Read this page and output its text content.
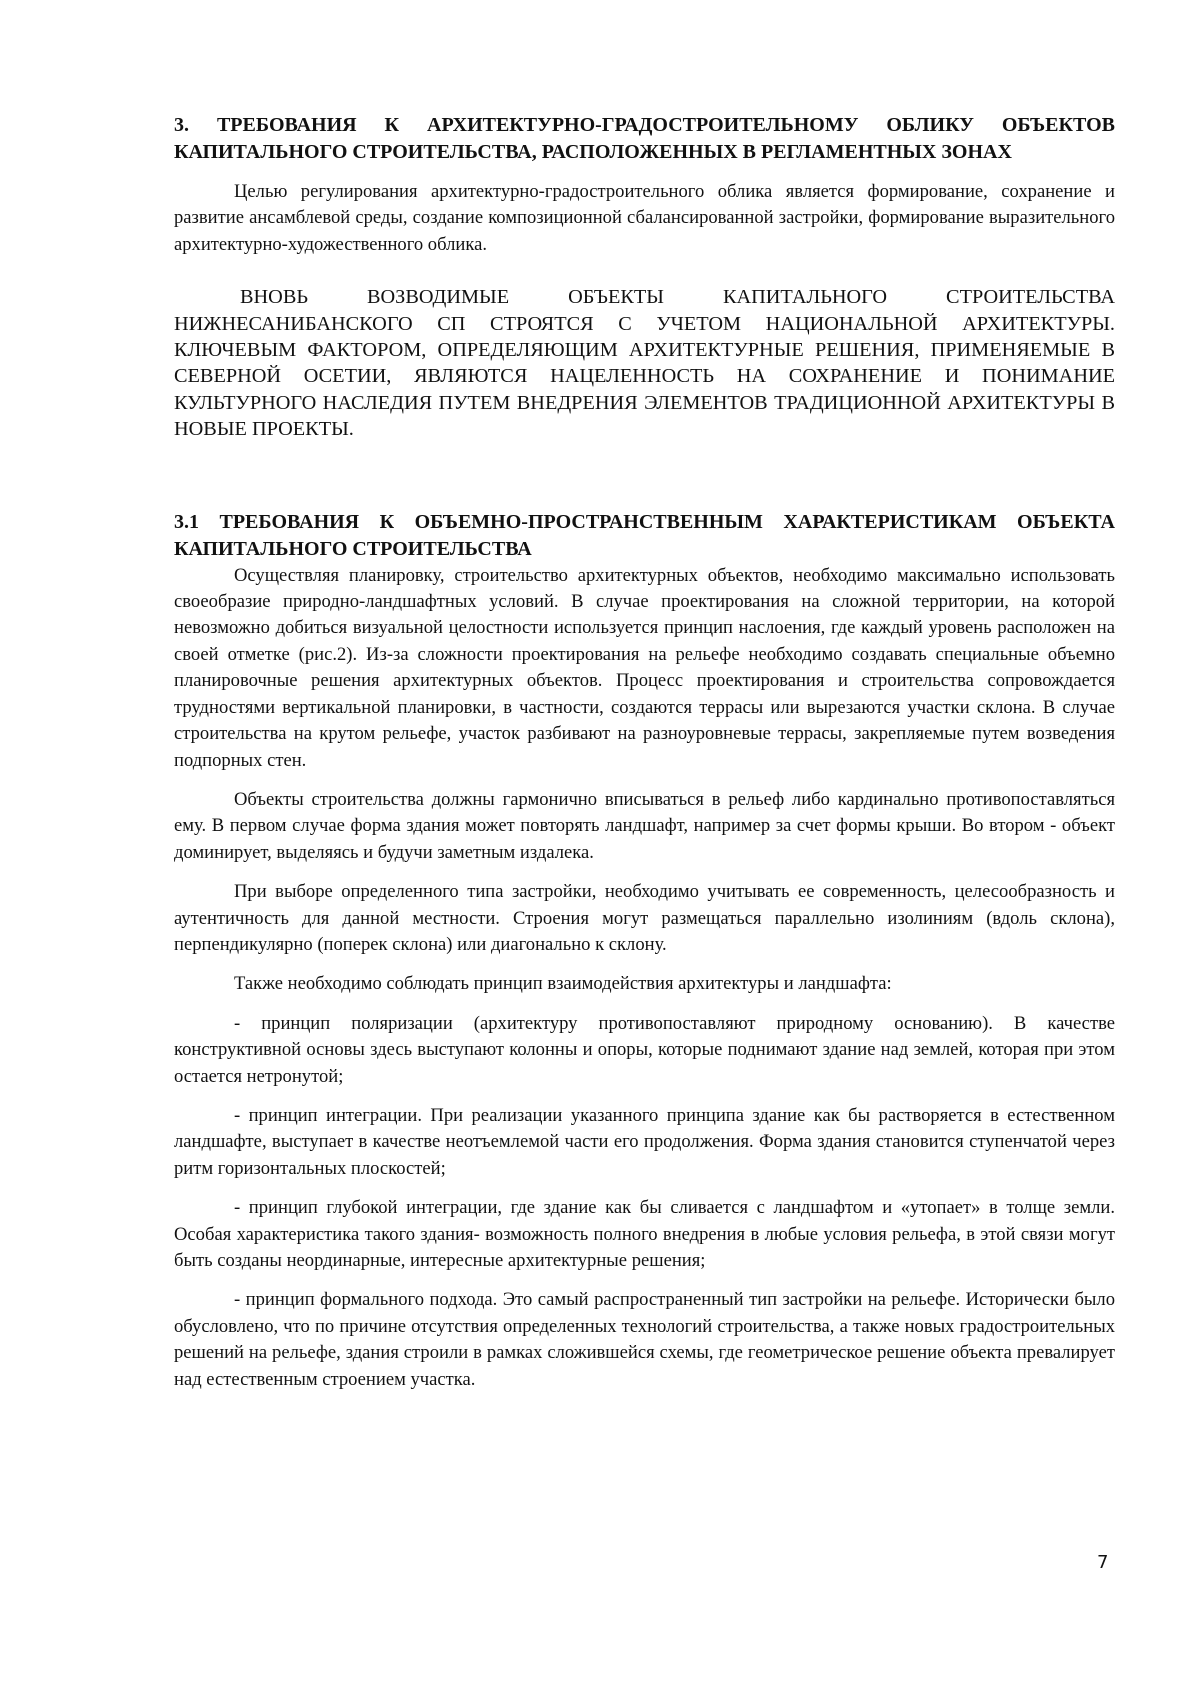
3. ТРЕБОВАНИЯ К АРХИТЕКТУРНО-ГРАДОСТРОИТЕЛЬНОМУ ОБЛИКУ ОБЪЕКТОВ КАПИТАЛЬНОГО СТРОИТЕЛЬСТВА, РАСПОЛОЖЕННЫХ В РЕГЛАМЕНТНЫХ ЗОНАХ

Целью регулирования архитектурно-градостроительного облика является формирование, сохранение и развитие ансамблевой среды, создание композиционной сбалансированной застройки, формирование выразительного архитектурно-художественного облика.

ВНОВЬ ВОЗВОДИМЫЕ ОБЪЕКТЫ КАПИТАЛЬНОГО СТРОИТЕЛЬСТВА НИЖНЕСАНИБАНСКОГО СП СТРОЯТСЯ С УЧЕТОМ НАЦИОНАЛЬНОЙ АРХИТЕКТУРЫ. КЛЮЧЕВЫМ ФАКТОРОМ, ОПРЕДЕЛЯЮЩИМ АРХИТЕКТУРНЫЕ РЕШЕНИЯ, ПРИМЕНЯЕМЫЕ В СЕВЕРНОЙ ОСЕТИИ, ЯВЛЯЮТСЯ НАЦЕЛЕННОСТЬ НА СОХРАНЕНИЕ И ПОНИМАНИЕ КУЛЬТУРНОГО НАСЛЕДИЯ ПУТЕМ ВНЕДРЕНИЯ ЭЛЕМЕНТОВ ТРАДИЦИОННОЙ АРХИТЕКТУРЫ В НОВЫЕ ПРОЕКТЫ.

3.1 ТРЕБОВАНИЯ К ОБЪЕМНО-ПРОСТРАНСТВЕННЫМ ХАРАКТЕРИСТИКАМ ОБЪЕКТА КАПИТАЛЬНОГО СТРОИТЕЛЬСТВА

Осуществляя планировку, строительство архитектурных объектов, необходимо максимально использовать своеобразие природно-ландшафтных условий. В случае проектирования на сложной территории, на которой невозможно добиться визуальной целостности используется принцип наслоения, где каждый уровень расположен на своей отметке (рис.2). Из-за сложности проектирования на рельефе необходимо создавать специальные объемно планировочные решения архитектурных объектов. Процесс проектирования и строительства сопровождается трудностями вертикальной планировки, в частности, создаются террасы или вырезаются участки склона. В случае строительства на крутом рельефе, участок разбивают на разноуровневые террасы, закрепляемые путем возведения подпорных стен.

Объекты строительства должны гармонично вписываться в рельеф либо кардинально противопоставляться ему. В первом случае форма здания может повторять ландшафт, например за счет формы крыши. Во втором - объект доминирует, выделяясь и будучи заметным издалека.

При выборе определенного типа застройки, необходимо учитывать ее современность, целесообразность и аутентичность для данной местности. Строения могут размещаться параллельно изолиниям (вдоль склона), перпендикулярно (поперек склона) или диагонально к склону.

Также необходимо соблюдать принцип взаимодействия архитектуры и ландшафта:

- принцип поляризации (архитектуру противопоставляют природному основанию). В качестве конструктивной основы здесь выступают колонны и опоры, которые поднимают здание над землей, которая при этом остается нетронутой;

- принцип интеграции. При реализации указанного принципа здание как бы растворяется в естественном ландшафте, выступает в качестве неотъемлемой части его продолжения. Форма здания становится ступенчатой через ритм горизонтальных плоскостей;

- принцип глубокой интеграции, где здание как бы сливается с ландшафтом и «утопает» в толще земли. Особая характеристика такого здания- возможность полного внедрения в любые условия рельефа, в этой связи могут быть созданы неординарные, интересные архитектурные решения;

- принцип формального подхода. Это самый распространенный тип застройки на рельефе. Исторически было обусловлено, что по причине отсутствия определенных технологий строительства, а также новых градостроительных решений на рельефе, здания строили в рамках сложившейся схемы, где геометрическое решение объекта превалирует над естественным строением участка.

7
